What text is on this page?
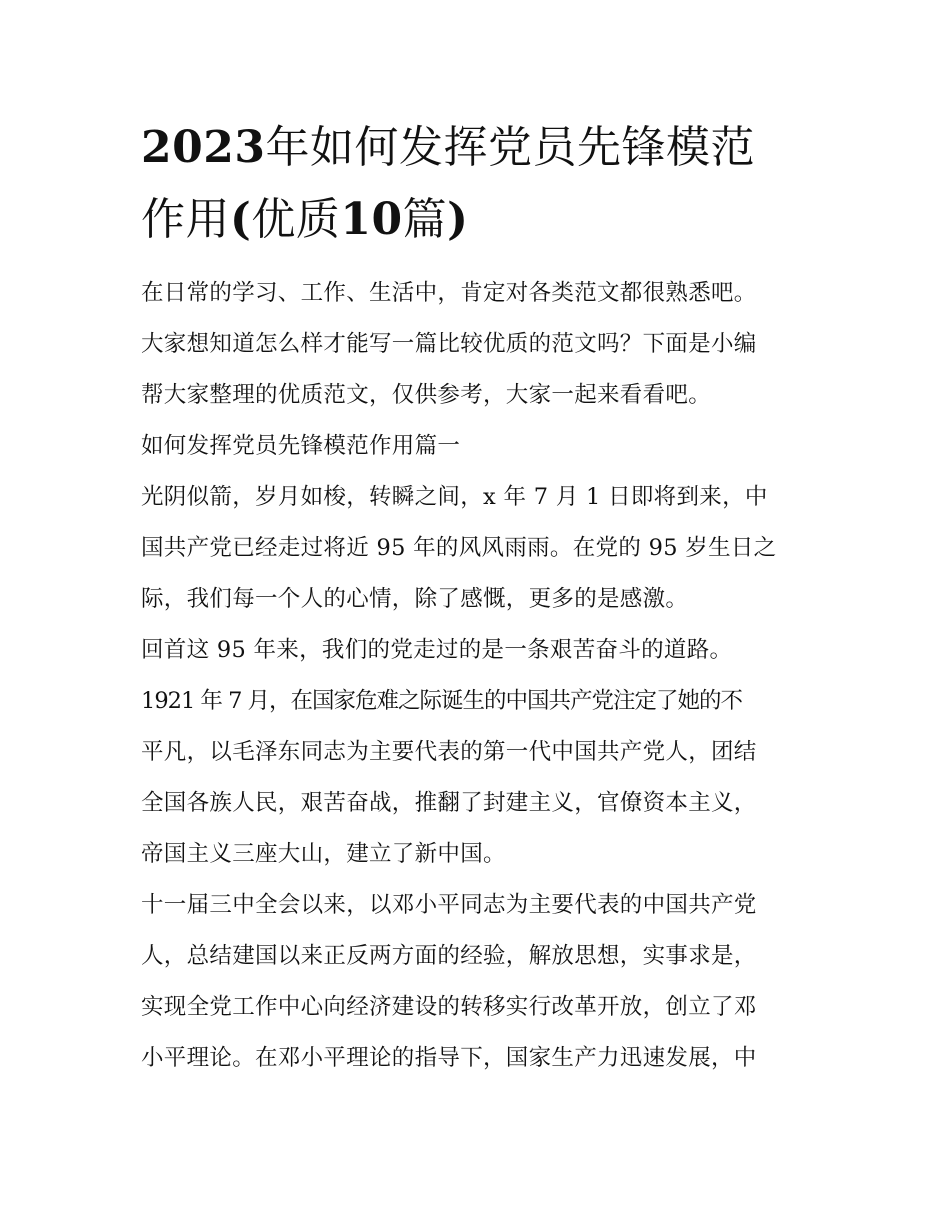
2023年如何发挥党员先锋模范
作用(优质10篇)

在日常的学习、工作、生活中，肯定对各类范文都很熟悉吧。
大家想知道怎么样才能写一篇比较优质的范文吗？下面是小编
帮大家整理的优质范文，仅供参考，大家一起来看看吧。

如何发挥党员先锋模范作用篇一

光阴似箭，岁月如梭，转瞬之间，x 年 7 月 1 日即将到来，中
国共产党已经走过将近 95 年的风风雨雨。在党的 95 岁生日之
际，我们每一个人的心情，除了感慨，更多的是感激。

回首这 95 年来，我们的党走过的是一条艰苦奋斗的道路。

1921 年 7 月，在国家危难之际诞生的中国共产党注定了她的不
平凡，以毛泽东同志为主要代表的第一代中国共产党人，团结
全国各族人民，艰苦奋战，推翻了封建主义，官僚资本主义，
帝国主义三座大山，建立了新中国。

十一届三中全会以来，以邓小平同志为主要代表的中国共产党
人，总结建国以来正反两方面的经验，解放思想，实事求是，
实现全党工作中心向经济建设的转移实行改革开放，创立了邓
小平理论。在邓小平理论的指导下，国家生产力迅速发展，中
